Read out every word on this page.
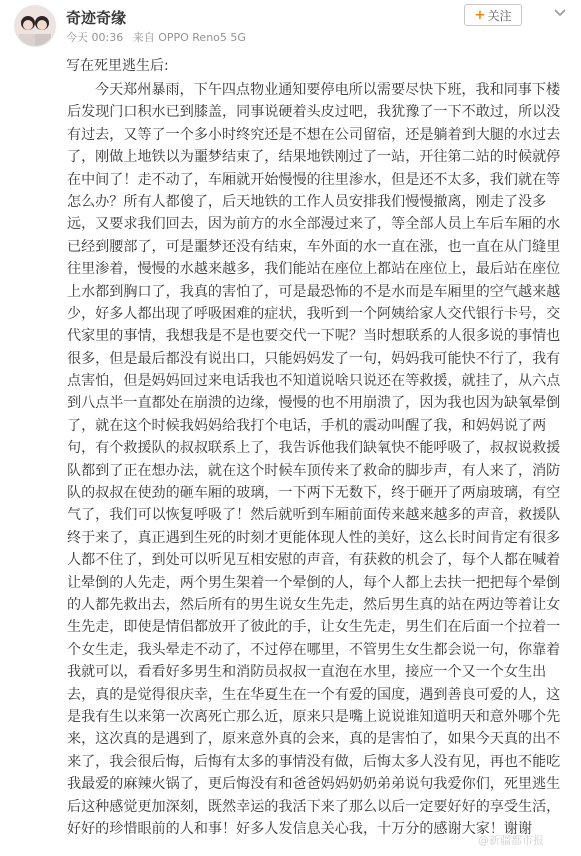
奇迹奇缘
今天 00:36 来自 OPPO Reno5 5G
+ 关注
写在死里逃生后:
今天郑州暴雨，下午四点物业通知要停电所以需要尽快下班，我和同事下楼
后发现门口积水已到膝盖，同事说硬着头皮过吧，我犹豫了一下不敢过，所以没
有过去，又等了一个多小时终究还是不想在公司留宿，还是躺着到大腿的水过去
了，刚做上地铁以为噩梦结束了，结果地铁刚过了一站，开往第二站的时候就停
在中间了！走不动了，车厢就开始慢慢的往里渗水，但是还不太多，我们就在等
怎么办？所有人都傻了，后天地铁的工作人员安排我们慢慢撤离，刚走了没多
远，又要求我们回去，因为前方的水全部漫过来了，等全部人员上车后车厢的水
已经到腰部了，可是噩梦还没有结束，车外面的水一直在涨，也一直在从门缝里
往里渗着，慢慢的水越来越多，我们能站在座位上都站在座位上，最后站在座位
上水都到胸口了，我真的害怕了，可是最恐怖的不是水而是车厢里的空气越来越
少，好多人都出现了呼吸困难的症状，我听到一个阿姨给家人交代银行卡号，交
代家里的事情，我想我是不是也要交代一下呢？当时想联系的人很多说的事情也
很多，但是最后都没有说出口，只能妈妈发了一句，妈妈我可能快不行了，我有
点害怕，但是妈妈回过来电话我也不知道说啥只说还在等救援，就挂了，从六点
到八点半一直都处在崩溃的边缘，慢慢的也不用崩溃了，因为我也因为缺氧晕倒
了，就在这个时候我妈妈给我打个电话，手机的震动叫醒了我，和妈妈说了两
句，有个救援队的叔叔联系上了，我告诉他我们缺氧快不能呼吸了，叔叔说救援
队都到了正在想办法，就在这个时候车顶传来了救命的脚步声，有人来了，消防
队的叔叔在使劲的砸车厢的玻璃，一下两下无数下，终于砸开了两扇玻璃，有空
气了，我们可以恢复呼吸了！然后就听到车厢前面传来越来越多的声音，救援队
终于来了，真正遇到生死的时刻才更能体现人性的美好，这么长时间肯定有很多
人都不住了，到处可以听见互相安慰的声音，有获救的机会了，每个人都在喊着
让晕倒的人先走，两个男生架着一个晕倒的人，每个人都上去扶一把把每个晕倒
的人都先救出去，然后所有的男生说女生先走，然后男生真的站在两边等着让女
生先走，即使是情侣都放开了彼此的手，让女生先走，男生们在后面一个拉着一
个女生走，我头晕走不动了，不过停在哪里，不管男生女生都会说一句，你靠着
我就可以，看看好多男生和消防员叔叔一直泡在水里，接应一个又一个女生出
去，真的是觉得很庆幸，生在华夏生在一个有爱的国度，遇到善良可爱的人，这
是我有生以来第一次离死亡那么近，原来只是嘴上说说谁知道明天和意外哪个先
来，这次真的是遇到了，原来意外真的会来，真的是害怕了，如果今天真的出不
来了，我会很后悔，后悔有太多的事情没有做，后悔太多人没有见，再也不能吃
我最爱的麻辣火锅了，更后悔没有和爸爸妈妈奶奶弟弟说句我爱你们，死里逃生
后这种感觉更加深刻，既然幸运的我活下来了那么以后一定要好好的享受生活，
好好的珍惜眼前的人和事！好多人发信息关心我，十万分的感谢大家！谢谢
@新疆都市报
